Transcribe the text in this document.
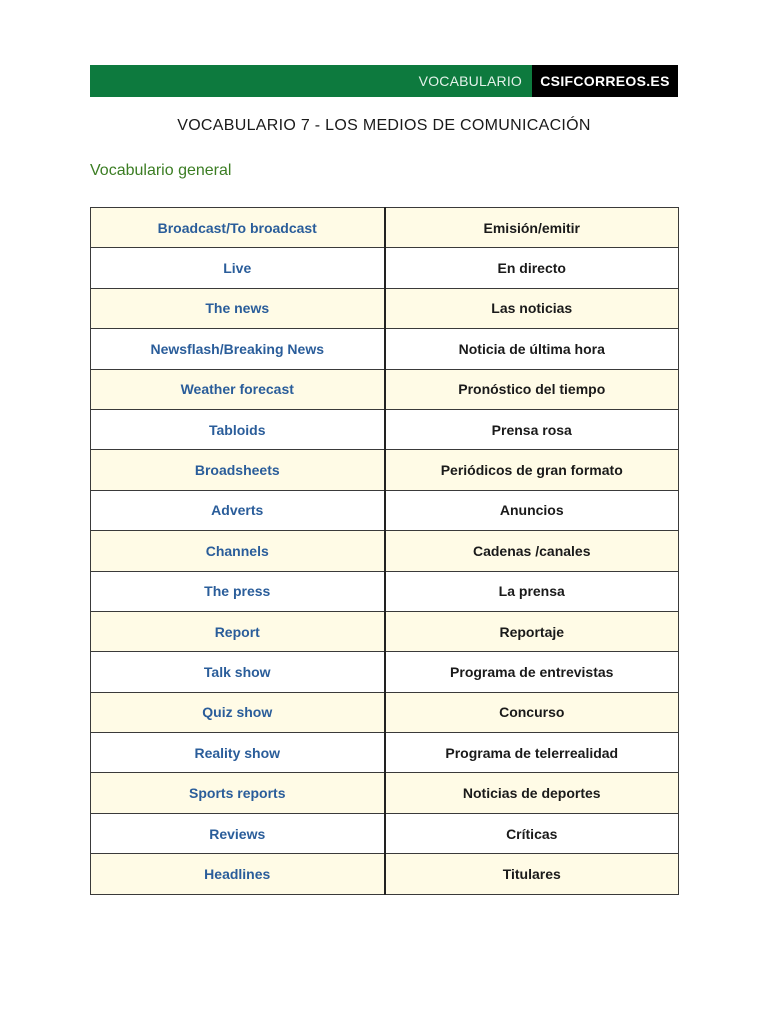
VOCABULARIO	CSIFCORREOS.ES
VOCABULARIO 7 - LOS MEDIOS DE COMUNICACIÓN
Vocabulario general
Broadcast/To broadcast	Emisión/emitir
Live	En directo
The news	Las noticias
Newsflash/Breaking News	Noticia de última hora
Weather forecast	Pronóstico del tiempo
Tabloids	Prensa rosa
Broadsheets	Periódicos de gran formato
Adverts	Anuncios
Channels	Cadenas /canales
The press	La prensa
Report	Reportaje
Talk show	Programa de entrevistas
Quiz show	Concurso
Reality show	Programa de telerrealidad
Sports reports	Noticias de deportes
Reviews	Críticas
Headlines	Titulares
